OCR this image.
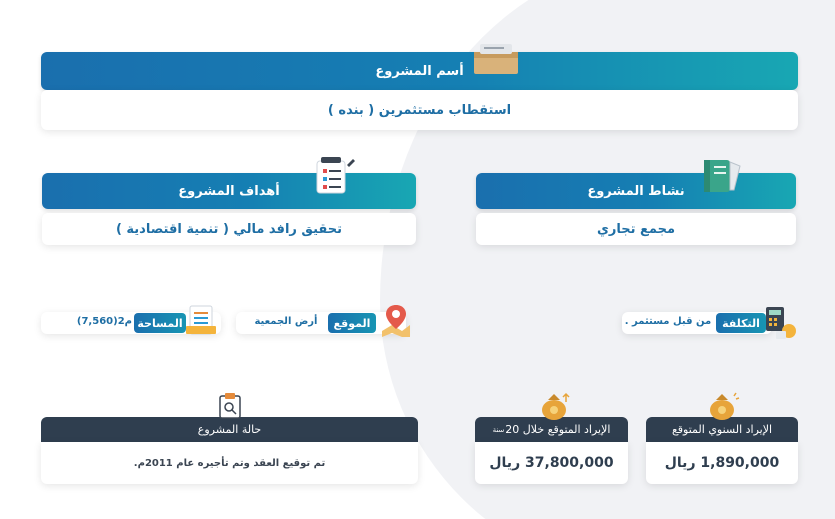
أسم المشروع
استقطاب مستثمرين ( بنده )
أهداف المشروع
تحقيق رافد مالي ( تنمية اقتصادية )
نشاط المشروع
مجمع تجاري
المساحة
(7,560)م2	الموقع
أرض الجمعية	التكلفة
من قبل مستثمر .
حالة المشروع
تم توقيع العقد وتم تأجيره عام 2011م.
الإيراد المتوقع خلال 20
سنة
37,800,000 ريال
الإيراد السنوي المتوقع
1,890,000 ريال
